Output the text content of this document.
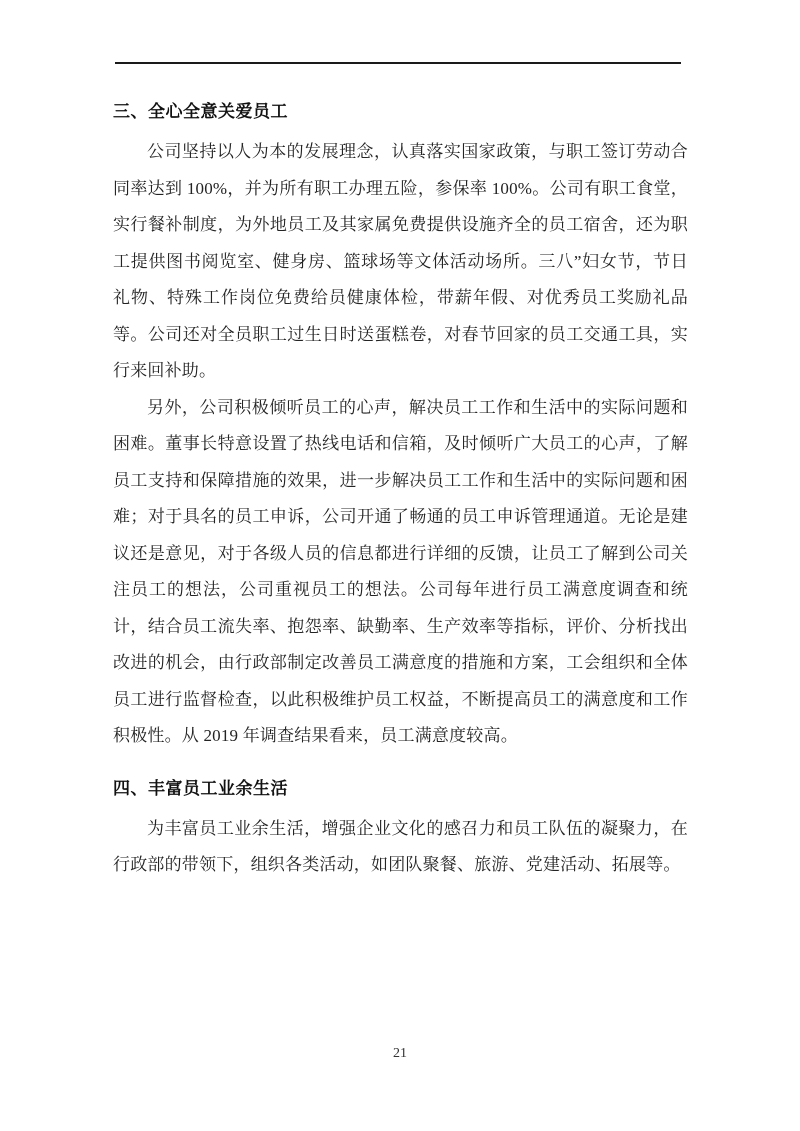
三、全心全意关爱员工

公司坚持以人为本的发展理念，认真落实国家政策，与职工签订劳动合同率达到 100%，并为所有职工办理五险，参保率 100%。公司有职工食堂，实行餐补制度，为外地员工及其家属免费提供设施齐全的员工宿舍，还为职工提供图书阅览室、健身房、篮球场等文体活动场所。三八”妇女节，节日礼物、特殊工作岗位免费给员健康体检，带薪年假、对优秀员工奖励礼品等。公司还对全员职工过生日时送蛋糕卷，对春节回家的员工交通工具，实行来回补助。

另外，公司积极倾听员工的心声，解决员工工作和生活中的实际问题和困难。董事长特意设置了热线电话和信箱，及时倾听广大员工的心声，了解员工支持和保障措施的效果，进一步解决员工工作和生活中的实际问题和困难；对于具名的员工申诉，公司开通了畅通的员工申诉管理通道。无论是建议还是意见，对于各级人员的信息都进行详细的反馈，让员工了解到公司关注员工的想法，公司重视员工的想法。公司每年进行员工满意度调查和统计，结合员工流失率、抱怨率、缺勤率、生产效率等指标，评价、分析找出改进的机会，由行政部制定改善员工满意度的措施和方案，工会组织和全体员工进行监督检查，以此积极维护员工权益，不断提高员工的满意度和工作积极性。从 2019 年调查结果看来，员工满意度较高。

四、丰富员工业余生活

为丰富员工业余生活，增强企业文化的感召力和员工队伍的凝聚力，在行政部的带领下，组织各类活动，如团队聚餐、旅游、党建活动、拓展等。

21
